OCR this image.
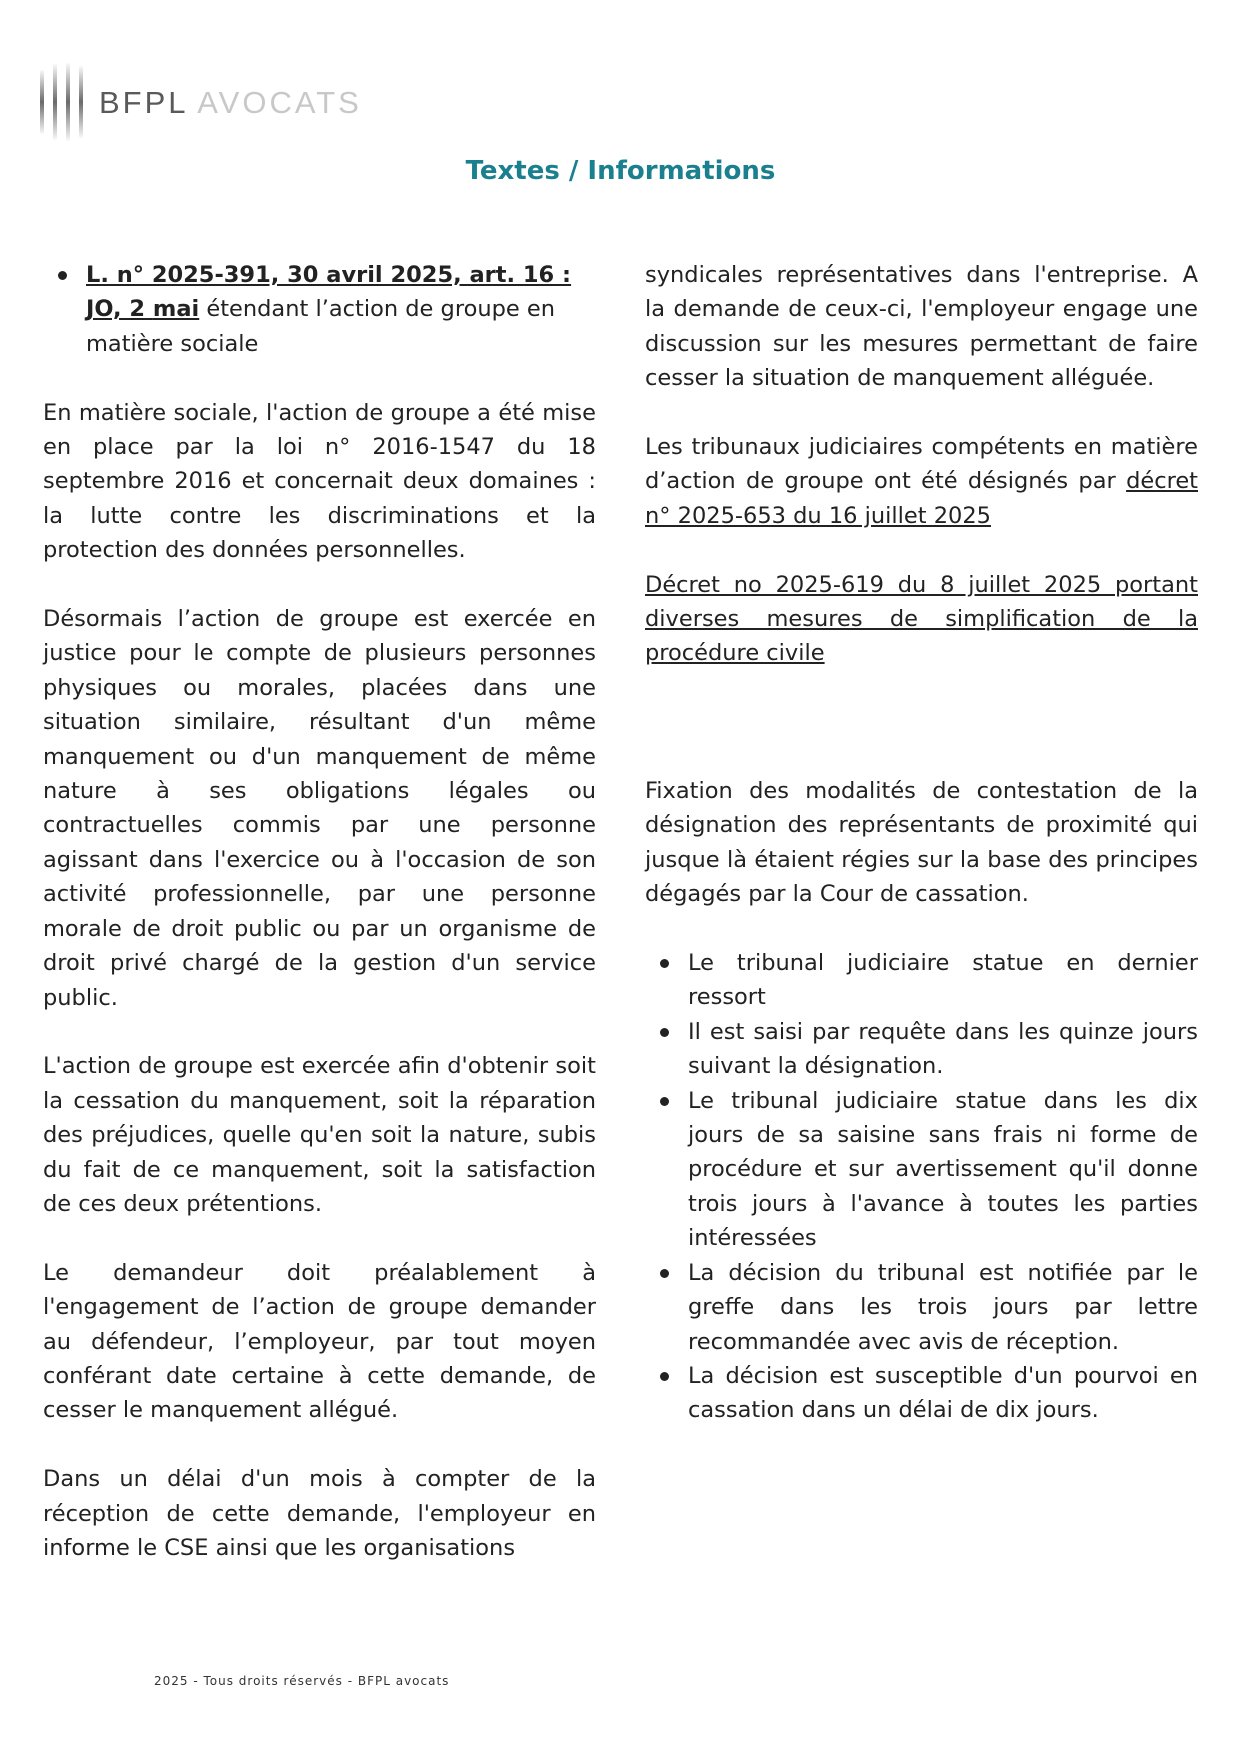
BFPL AVOCATS
Textes / Informations
L. n° 2025-391, 30 avril 2025, art. 16 : JO, 2 mai étendant l’action de groupe en matière sociale

En matière sociale, l'action de groupe a été mise en place par la loi n° 2016-1547 du 18 septembre 2016 et concernait deux domaines : la lutte contre les discriminations et la protection des données personnelles.

Désormais l’action de groupe est exercée en justice pour le compte de plusieurs personnes physiques ou morales, placées dans une situation similaire, résultant d'un même manquement ou d'un manquement de même nature à ses obligations légales ou contractuelles commis par une personne agissant dans l'exercice ou à l'occasion de son activité professionnelle, par une personne morale de droit public ou par un organisme de droit privé chargé de la gestion d'un service public.

L'action de groupe est exercée afin d'obtenir soit la cessation du manquement, soit la réparation des préjudices, quelle qu'en soit la nature, subis du fait de ce manquement, soit la satisfaction de ces deux prétentions.

Le demandeur doit préalablement à l'engagement de l’action de groupe demander au défendeur, l’employeur, par tout moyen conférant date certaine à cette demande, de cesser le manquement allégué.

Dans un délai d'un mois à compter de la réception de cette demande, l'employeur en informe le CSE ainsi que les organisations

syndicales représentatives dans l'entreprise. A la demande de ceux-ci, l'employeur engage une discussion sur les mesures permettant de faire cesser la situation de manquement alléguée.

Les tribunaux judiciaires compétents en matière d’action de groupe ont été désignés par décret n° 2025-653 du 16 juillet 2025

Décret no 2025-619 du 8 juillet 2025 portant diverses mesures de simplification de la procédure civile

Fixation des modalités de contestation de la désignation des représentants de proximité qui jusque là étaient régies sur la base des principes dégagés par la Cour de cassation.

Le tribunal judiciaire statue en dernier ressort
Il est saisi par requête dans les quinze jours suivant la désignation.
Le tribunal judiciaire statue dans les dix jours de sa saisine sans frais ni forme de procédure et sur avertissement qu'il donne trois jours à l'avance à toutes les parties intéressées
La décision du tribunal est notifiée par le greffe dans les trois jours par lettre recommandée avec avis de réception.
La décision est susceptible d'un pourvoi en cassation dans un délai de dix jours.
2025 - Tous droits réservés - BFPL avocats
